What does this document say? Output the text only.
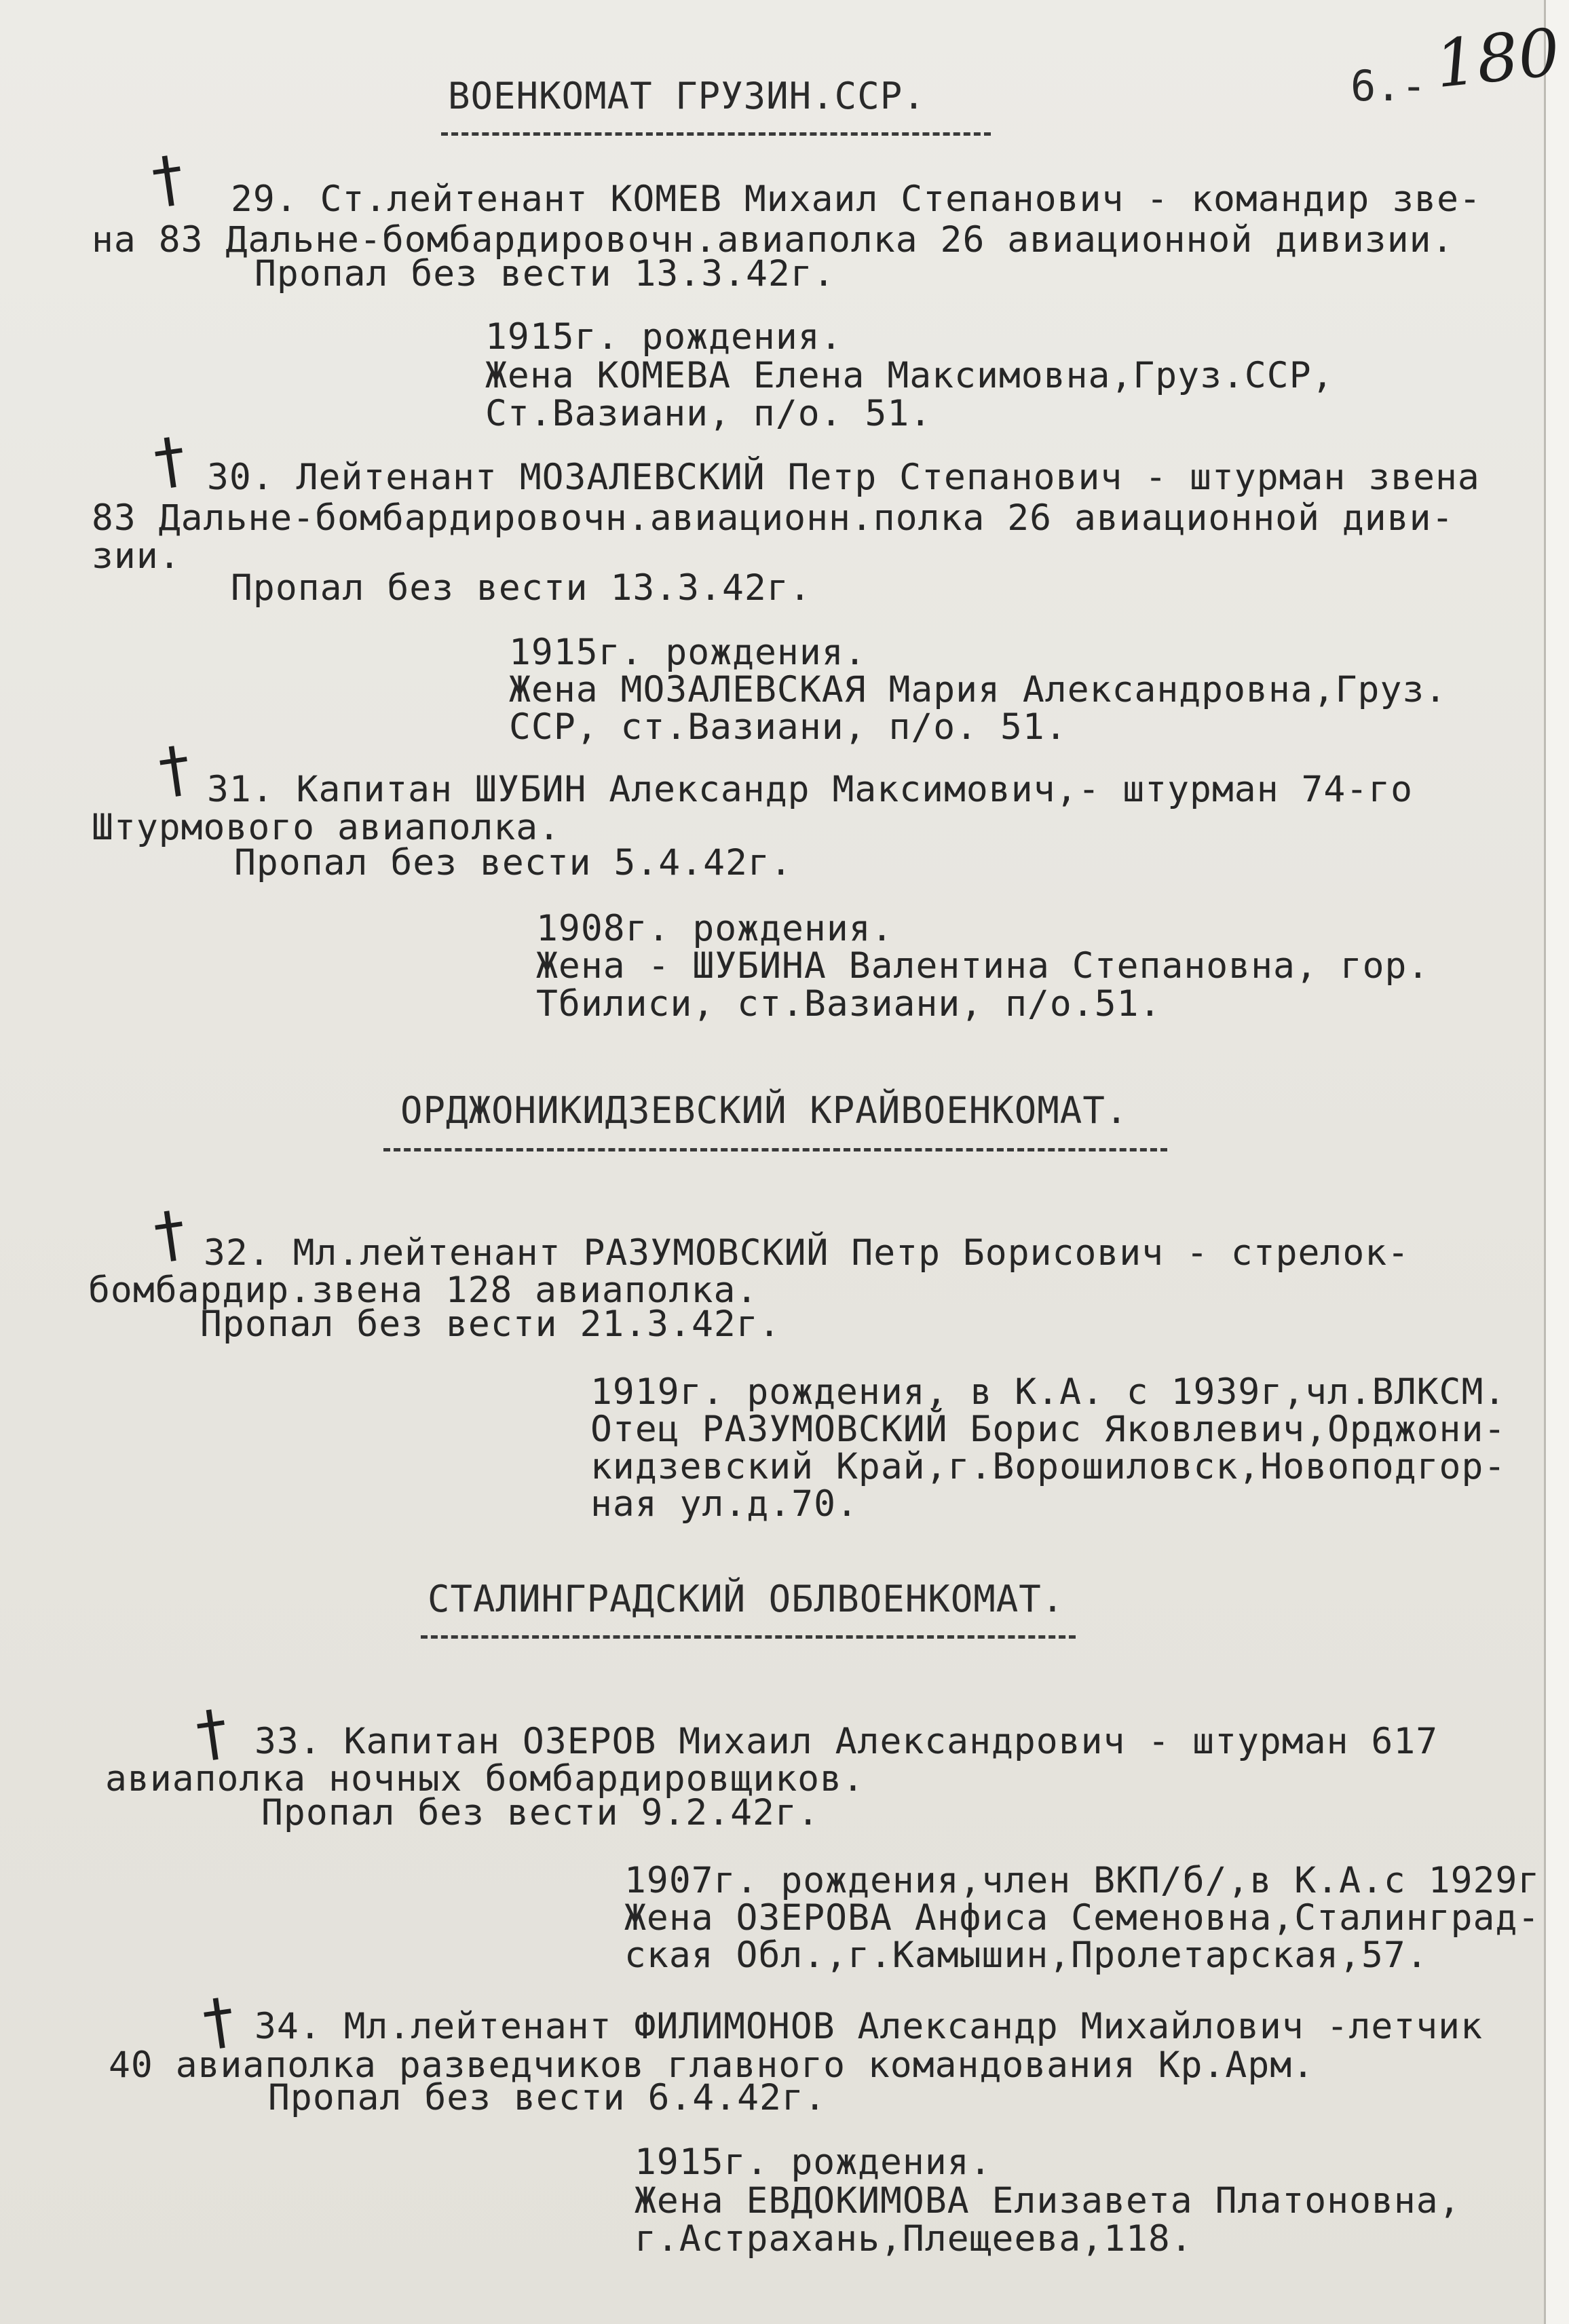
ВОЕНКОМАТ ГРУЗИН.ССР.	6.- 180
† 29. Ст.лейтенант КОМЕВ Михаил Степанович - командир зве-
на 83 Дальне-бомбардировочн.авиаполка 26 авиационной дивизии.
Пропал без вести 13.3.42г.
1915г. рождения.
Жена КОМЕВА Елена Максимовна,Груз.ССР,
Ст.Вазиани, п/о. 51.
† 30. Лейтенант МОЗАЛЕВСКИЙ Петр Степанович - штурман звена
83 Дальне-бомбардировочн.авиационн.полка 26 авиационной диви-
зии.
Пропал без вести 13.3.42г.
1915г. рождения.
Жена МОЗАЛЕВСКАЯ Мария Александровна,Груз.
ССР, ст.Вазиани, п/о. 51.
† 31. Капитан ШУБИН Александр Максимович,- штурман 74-го
Штурмового авиаполка.
Пропал без вести 5.4.42г.
1908г. рождения.
Жена - ШУБИНА Валентина Степановна, гор.
Тбилиси, ст.Вазиани, п/о.51.
ОРДЖОНИКИДЗЕВСКИЙ КРАЙВОЕНКОМАТ.
† 32. Мл.лейтенант РАЗУМОВСКИЙ Петр Борисович - стрелок-
бомбардир.звена 128 авиаполка.
Пропал без вести 21.3.42г.
1919г. рождения, в К.А. с 1939г,чл.ВЛКСМ.
Отец РАЗУМОВСКИЙ Борис Яковлевич,Орджони-
кидзевский Край,г.Ворошиловск,Новоподгор-
ная ул.д.70.
СТАЛИНГРАДСКИЙ ОБЛВОЕНКОМАТ.
† 33. Капитан ОЗЕРОВ Михаил Александрович - штурман 617
авиаполка ночных бомбардировщиков.
Пропал без вести 9.2.42г.
1907г. рождения,член ВКП/б/,в К.А.с 1929г
Жена ОЗЕРОВА Анфиса Семеновна,Сталинград-
ская Обл.,г.Камышин,Пролетарская,57.
† 34. Мл.лейтенант ФИЛИМОНОВ Александр Михайлович -летчик
40 авиаполка разведчиков главного командования Кр.Арм.
Пропал без вести 6.4.42г.
1915г. рождения.
Жена ЕВДОКИМОВА Елизавета Платоновна,
г.Астрахань,Плещеева,118.
